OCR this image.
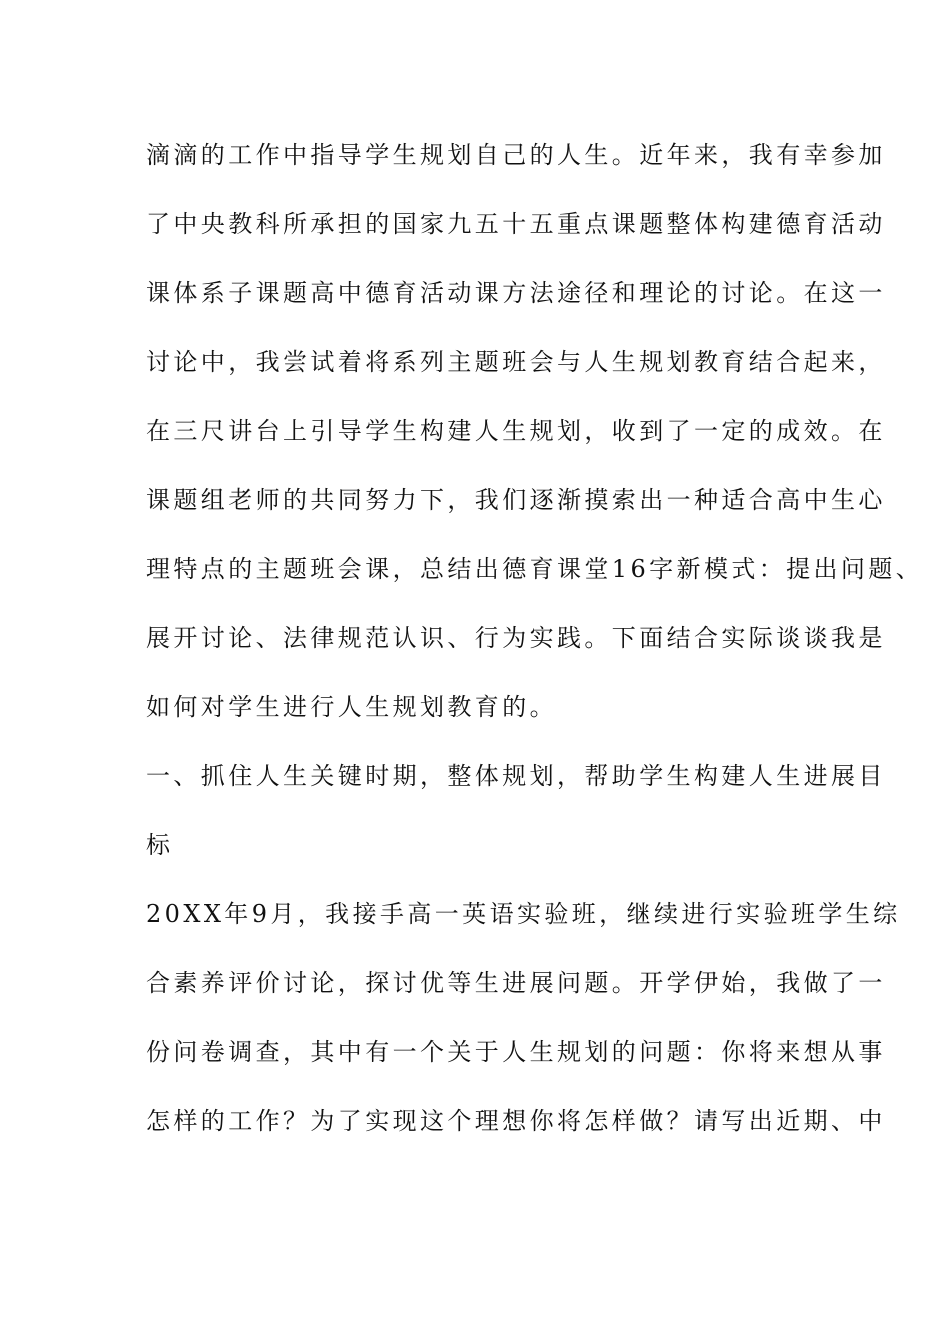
滴滴的工作中指导学生规划自己的人生。近年来，我有幸参加
了中央教科所承担的国家九五十五重点课题整体构建德育活动
课体系子课题高中德育活动课方法途径和理论的讨论。在这一
讨论中，我尝试着将系列主题班会与人生规划教育结合起来，
在三尺讲台上引导学生构建人生规划，收到了一定的成效。在
课题组老师的共同努力下，我们逐渐摸索出一种适合高中生心
理特点的主题班会课，总结出德育课堂16字新模式：提出问题、
展开讨论、法律规范认识、行为实践。下面结合实际谈谈我是
如何对学生进行人生规划教育的。
一、抓住人生关键时期，整体规划，帮助学生构建人生进展目
标
20XX年9月，我接手高一英语实验班，继续进行实验班学生综
合素养评价讨论，探讨优等生进展问题。开学伊始，我做了一
份问卷调查，其中有一个关于人生规划的问题：你将来想从事
怎样的工作？为了实现这个理想你将怎样做？请写出近期、中
